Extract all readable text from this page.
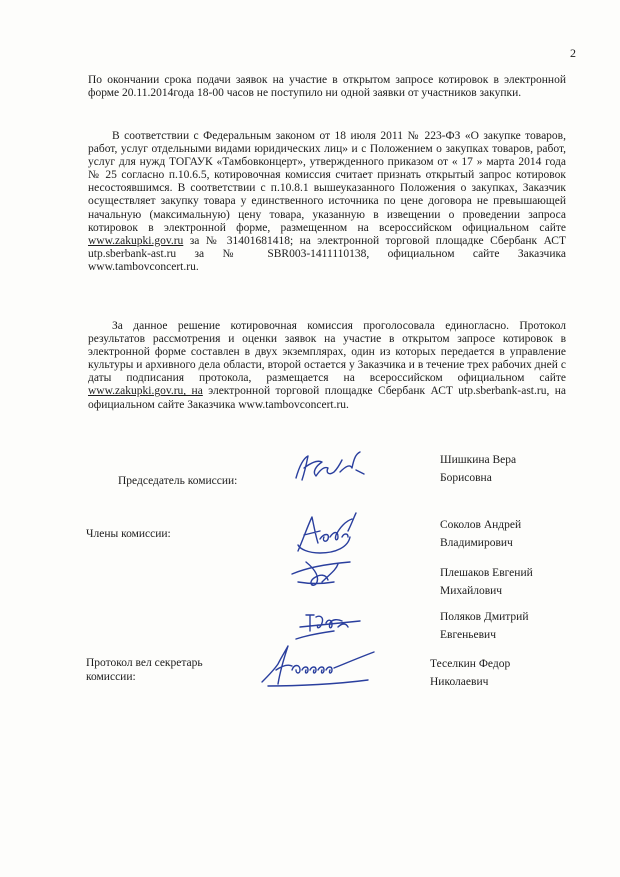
2

По окончании срока подачи заявок на участие в открытом запросе котировок в электронной форме 20.11.2014года 18-00 часов не поступило ни одной заявки от участников закупки.

В соответствии с Федеральным законом от 18 июля 2011 № 223-ФЗ «О закупке товаров, работ, услуг отдельными видами юридических лиц» и с Положением о закупках товаров, работ, услуг для нужд ТОГАУК «Тамбовконцерт», утвержденного приказом от « 17 » марта 2014 года № 25 согласно п.10.6.5, котировочная комиссия считает признать открытый запрос котировок несостоявшимся. В соответствии с п.10.8.1 вышеуказанного Положения о закупках, Заказчик осуществляет закупку товара у единственного источника по цене договора не превышающей начальную (максимальную) цену товара, указанную в извещении о проведении запроса котировок в электронной форме, размещенном на всероссийском официальном сайте www.zakupki.gov.ru за № 31401681418; на электронной торговой площадке Сбербанк АСТ utp.sberbank-ast.ru за № SBR003-1411110138, официальном сайте Заказчика www.tambovconcert.ru.

За данное решение котировочная комиссия проголосовала единогласно. Протокол результатов рассмотрения и оценки заявок на участие в открытом запросе котировок в электронной форме составлен в двух экземплярах, один из которых передается в управление культуры и архивного дела области, второй остается у Заказчика и в течение трех рабочих дней с даты подписания протокола, размещается на всероссийском официальном сайте www.zakupki.gov.ru, на электронной торговой площадке Сбербанк АСТ utp.sberbank-ast.ru, на официальном сайте Заказчика www.tambovconcert.ru.

Председатель комиссии:
Шишкина Вера
Борисовна
Члены комиссии:
Соколов Андрей
Владимирович
Плешаков Евгений
Михайлович
Поляков Дмитрий
Евгеньевич
Протокол вел секретарь
комиссии:
Теселкин Федор
Николаевич
